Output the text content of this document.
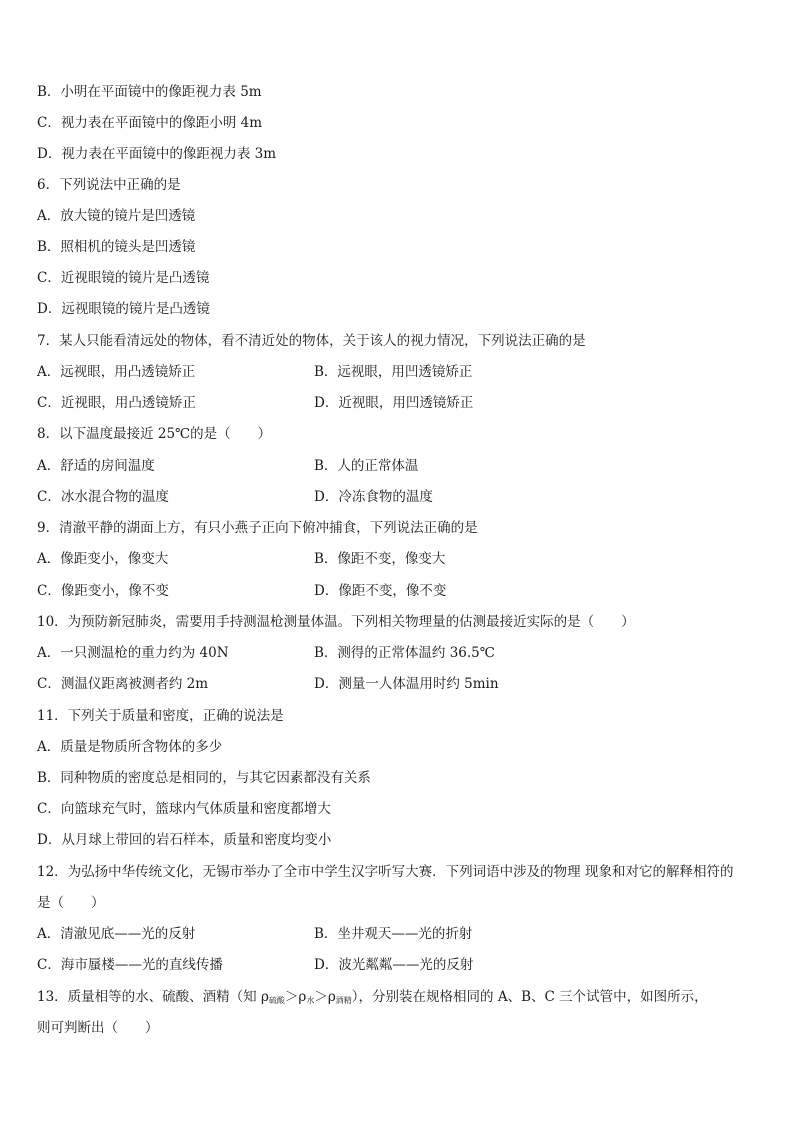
B．小明在平面镜中的像距视力表 5m
C．视力表在平面镜中的像距小明 4m
D．视力表在平面镜中的像距视力表 3m
6．下列说法中正确的是
A．放大镜的镜片是凹透镜
B．照相机的镜头是凹透镜
C．近视眼镜的镜片是凸透镜
D．远视眼镜的镜片是凸透镜
7．某人只能看清远处的物体，看不清近处的物体，关于该人的视力情况，下列说法正确的是
A．远视眼，用凸透镜矫正	B．远视眼，用凹透镜矫正
C．近视眼，用凸透镜矫正	D．近视眼，用凹透镜矫正
8．以下温度最接近 25℃的是（　　）
A．舒适的房间温度	B．人的正常体温
C．冰水混合物的温度	D．冷冻食物的温度
9．清澈平静的湖面上方，有只小燕子正向下俯冲捕食，下列说法正确的是
A．像距变小，像变大	B．像距不变，像变大
C．像距变小，像不变	D．像距不变，像不变
10．为预防新冠肺炎，需要用手持测温枪测量体温。下列相关物理量的估测最接近实际的是（　　）
A．一只测温枪的重力约为 40N	B．测得的正常体温约 36.5℃
C．测温仪距离被测者约 2m	D．测量一人体温用时约 5min
11．下列关于质量和密度，正确的说法是
A．质量是物质所含物体的多少
B．同种物质的密度总是相同的，与其它因素都没有关系
C．向篮球充气时，篮球内气体质量和密度都增大
D．从月球上带回的岩石样本，质量和密度均变小
12．为弘扬中华传统文化，无锡市举办了全市中学生汉字听写大赛．下列词语中涉及的物理 现象和对它的解释相符的
是（　　）
A．清澈见底——光的反射	B．坐井观天——光的折射
C．海市蜃楼——光的直线传播	D．波光粼粼——光的反射
13．质量相等的水、硫酸、酒精（知 ρ硫酸＞ρ水＞ρ酒精），分别装在规格相同的 A、B、C 三个试管中，如图所示，
则可判断出（　　）
